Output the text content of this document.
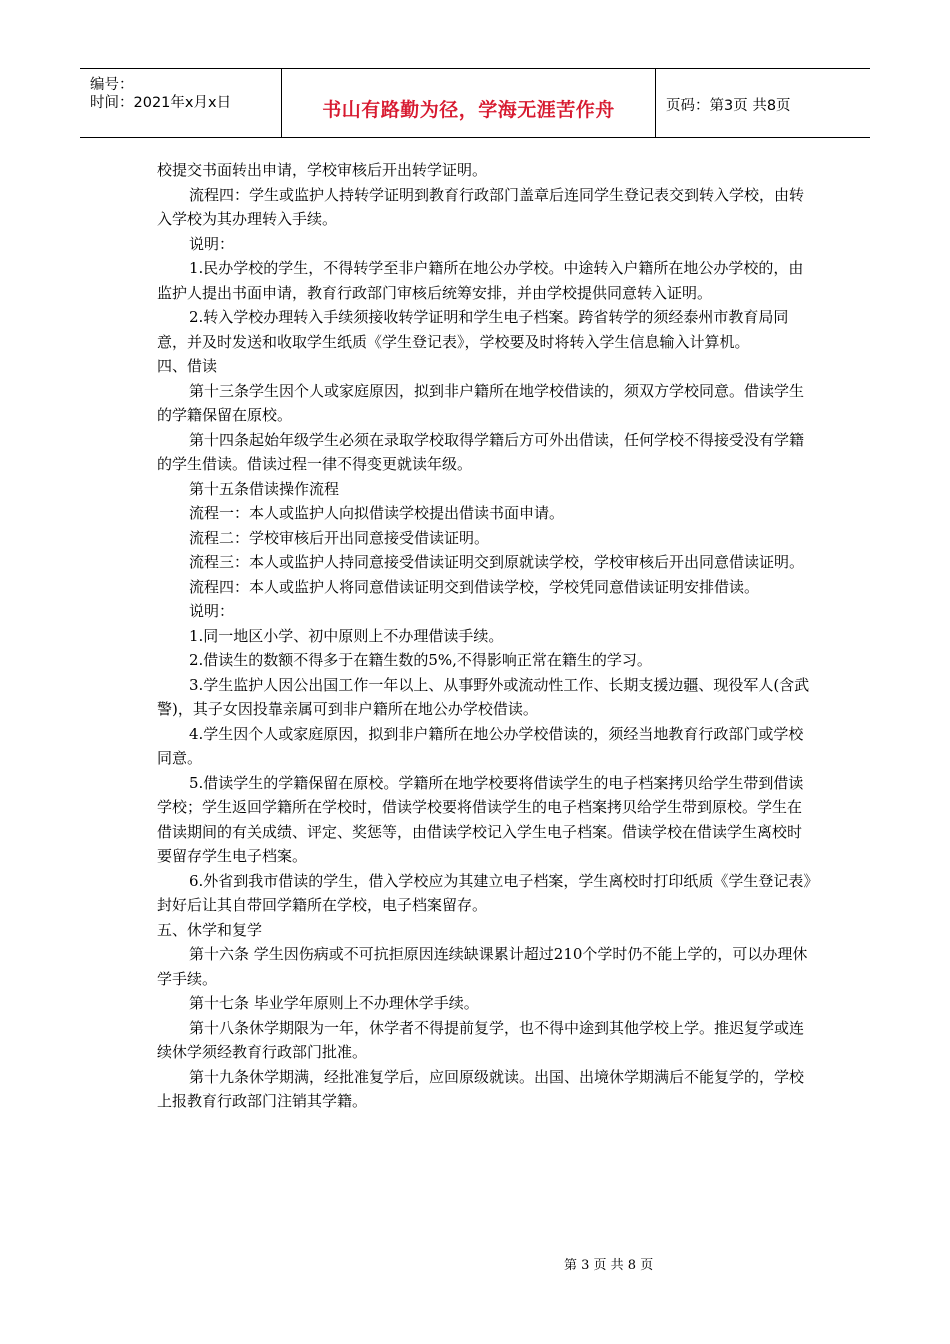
编号：
时间：2021年x月x日	书山有路勤为径，学海无涯苦作舟	页码：第3页 共8页

校提交书面转出申请，学校审核后开出转学证明。

流程四：学生或监护人持转学证明到教育行政部门盖章后连同学生登记表交到转入学校，由转入学校为其办理转入手续。

说明：

1.民办学校的学生，不得转学至非户籍所在地公办学校。中途转入户籍所在地公办学校的，由监护人提出书面申请，教育行政部门审核后统筹安排，并由学校提供同意转入证明。

2.转入学校办理转入手续须接收转学证明和学生电子档案。跨省转学的须经泰州市教育局同意，并及时发送和收取学生纸质《学生登记表》，学校要及时将转入学生信息输入计算机。

四、借读

第十三条学生因个人或家庭原因，拟到非户籍所在地学校借读的，须双方学校同意。借读学生的学籍保留在原校。

第十四条起始年级学生必须在录取学校取得学籍后方可外出借读，任何学校不得接受没有学籍的学生借读。借读过程一律不得变更就读年级。

第十五条借读操作流程

流程一：本人或监护人向拟借读学校提出借读书面申请。

流程二：学校审核后开出同意接受借读证明。

流程三：本人或监护人持同意接受借读证明交到原就读学校，学校审核后开出同意借读证明。

流程四：本人或监护人将同意借读证明交到借读学校，学校凭同意借读证明安排借读。

说明：

1.同一地区小学、初中原则上不办理借读手续。

2.借读生的数额不得多于在籍生数的5%,不得影响正常在籍生的学习。

3.学生监护人因公出国工作一年以上、从事野外或流动性工作、长期支援边疆、现役军人(含武警)，其子女因投靠亲属可到非户籍所在地公办学校借读。

4.学生因个人或家庭原因，拟到非户籍所在地公办学校借读的，须经当地教育行政部门或学校同意。

5.借读学生的学籍保留在原校。学籍所在地学校要将借读学生的电子档案拷贝给学生带到借读学校；学生返回学籍所在学校时，借读学校要将借读学生的电子档案拷贝给学生带到原校。学生在借读期间的有关成绩、评定、奖惩等，由借读学校记入学生电子档案。借读学校在借读学生离校时要留存学生电子档案。

6.外省到我市借读的学生，借入学校应为其建立电子档案，学生离校时打印纸质《学生登记表》封好后让其自带回学籍所在学校，电子档案留存。

五、休学和复学

第十六条 学生因伤病或不可抗拒原因连续缺课累计超过210个学时仍不能上学的，可以办理休学手续。

第十七条 毕业学年原则上不办理休学手续。

第十八条休学期限为一年，休学者不得提前复学，也不得中途到其他学校上学。推迟复学或连续休学须经教育行政部门批准。

第十九条休学期满，经批准复学后，应回原级就读。出国、出境休学期满后不能复学的，学校上报教育行政部门注销其学籍。

第 3 页 共 8 页
